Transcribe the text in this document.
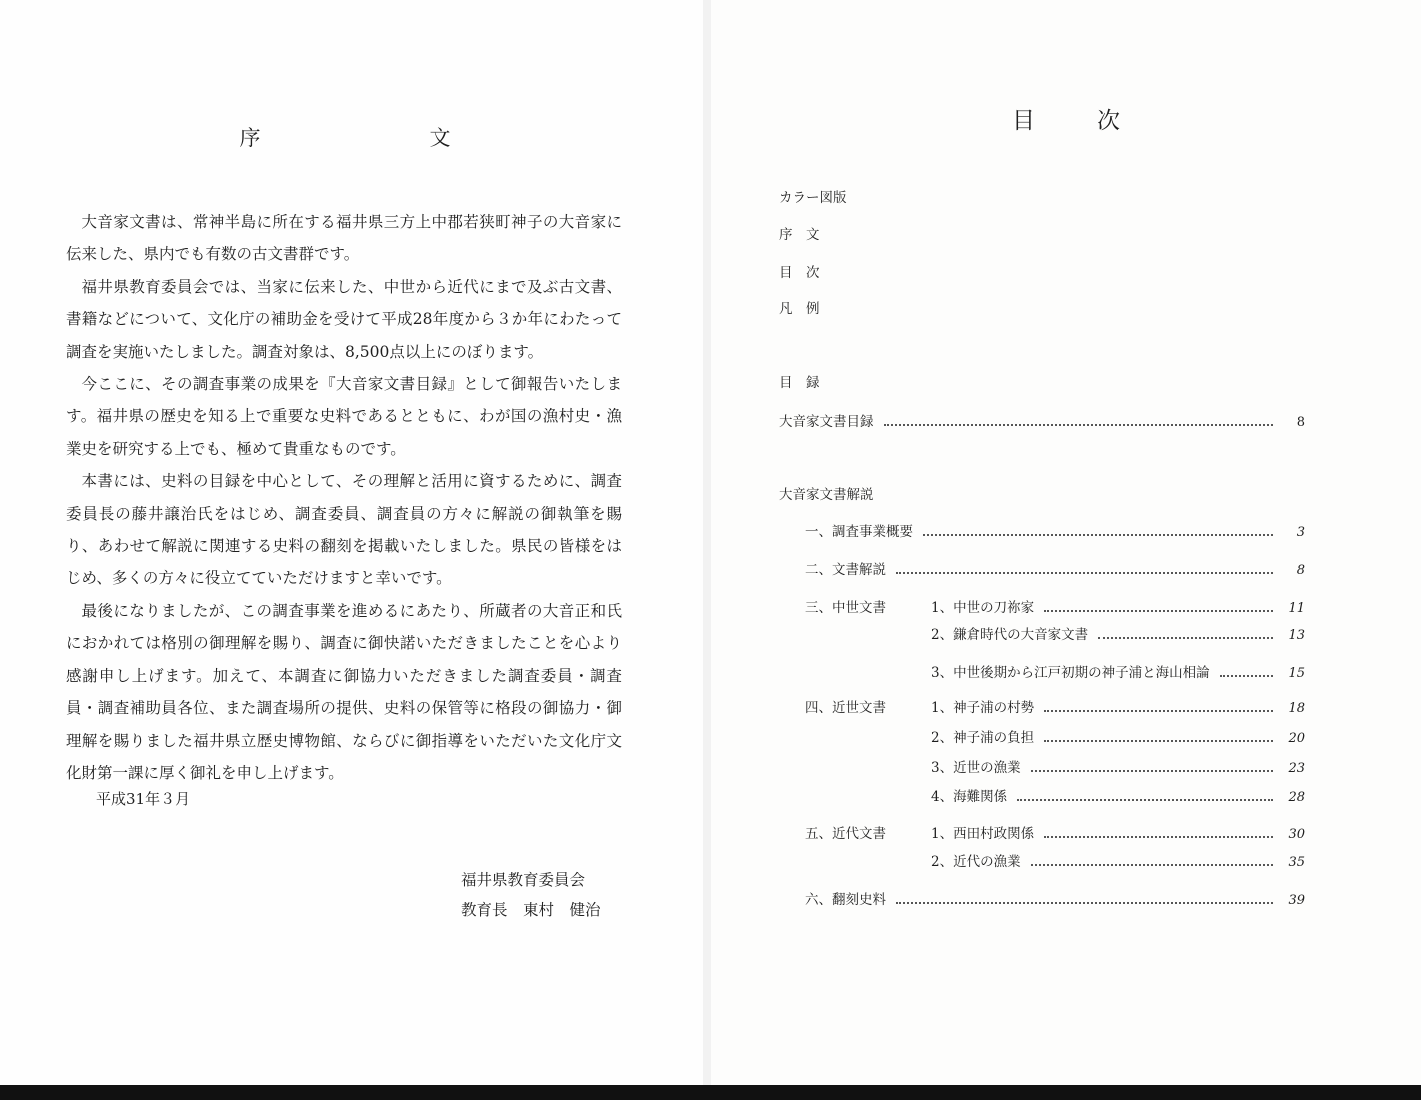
序　文

大音家文書は、常神半島に所在する福井県三方上中郡若狭町神子の大音家に伝来した、県内でも有数の古文書群です。

福井県教育委員会では、当家に伝来した、中世から近代にまで及ぶ古文書、書籍などについて、文化庁の補助金を受けて平成28年度から３か年にわたって調査を実施いたしました。調査対象は、8,500点以上にのぼります。

今ここに、その調査事業の成果を『大音家文書目録』として御報告いたします。福井県の歴史を知る上で重要な史料であるとともに、わが国の漁村史・漁業史を研究する上でも、極めて貴重なものです。

本書には、史料の目録を中心として、その理解と活用に資するために、調査委員長の藤井譲治氏をはじめ、調査委員、調査員の方々に解説の御執筆を賜り、あわせて解説に関連する史料の翻刻を掲載いたしました。県民の皆様をはじめ、多くの方々に役立てていただけますと幸いです。

最後になりましたが、この調査事業を進めるにあたり、所蔵者の大音正和氏におかれては格別の御理解を賜り、調査に御快諾いただきましたことを心より感謝申し上げます。加えて、本調査に御協力いただきました調査委員・調査員・調査補助員各位、また調査場所の提供、史料の保管等に格段の御協力・御理解を賜りました福井県立歴史博物館、ならびに御指導をいただいた文化庁文化財第一課に厚く御礼を申し上げます。

平成31年３月
福井県教育委員会
教育長　東村　健治
目次
カラー図版
序　文
目　次
凡　例
目　録
大音家文書目録	8
大音家文書解説
一、調査事業概要	3
二、文書解説	8
三、中世文書	1、中世の刀祢家	11
2、鎌倉時代の大音家文書	13
3、中世後期から江戸初期の神子浦と海山相論	15
四、近世文書	1、神子浦の村勢	18
2、神子浦の負担	20
3、近世の漁業	23
4、海難関係	28
五、近代文書	1、西田村政関係	30
2、近代の漁業	35
六、翻刻史料	39
